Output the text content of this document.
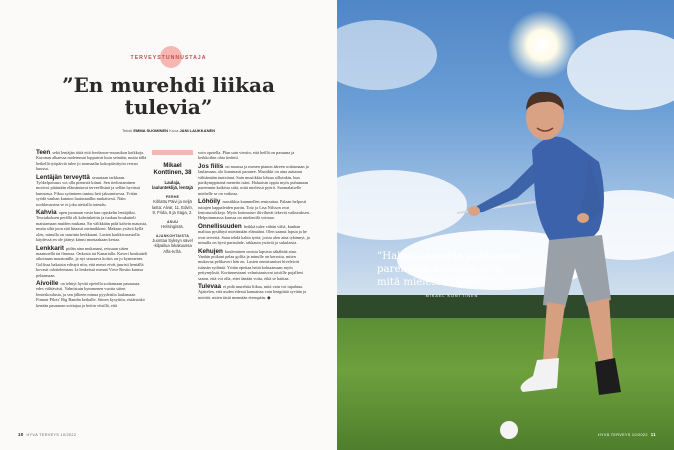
TERVEYSTUNNUSTAJA
”En murehdi liikaa tulevia”
Teksti EMMA SUOMINEN Kuva JANI LAUKKANEN

Teen sekä lentäjän töitä että freelancer-muusikon keikkoja. Koronan alkaessa molemmat loppuivat kuin seinään, mutta tällä hetkellä työpäiviä tulee jo normaalin kokopäivätyön verran kuussa.

Lentäjän terveyttä seurataan tarkkaan. Työkelpoisuus voi olla pienestä kiinni. Sen tiedostaminen motivoi pitämään elämäntavat terveellisinä ja sellän hyvässä kunnossa. Fiksu syöminen tuntuu heti jaksamisessa. Yritän syödä vanhan kunnon lautasmallin mukaisesti. Näin ruohlavarsina se ei joka aterialla toteudu.

Kahvia open juomaan vasta kun opiskelin lentäjäksi. Teoriakoksen perällä oli kahvinkeitin ja tuokuu houkutteli maistamaan muiden mukana. En välikkään pidä kahvin maussta, mutta siltä juon sitä hitaasti nieinaikkeni. Maksun ystävä kyllä olen, minulla on suurinta herkkuani. Lasten karkkivarastolla käydessä en ole jäänyt kiinni montaakaan kertaa.

Lenkkarit pidän aina mukanani, reissaan sitten maamoellä tai ilmassa. Onkosta tai Kanariallа. Kaveri houkutteli aikoinaan maratonille, ja nyt seuraava koitos on jo kymmenes. Golfissa hakaisin edistyä niin, että meuri eivät juuristi hentällä kovasti odottelemaan. Ja lenkeissä mennä Virve Rostin kanssa pelaamaan.

Aivoille on tehnyt hyvää opetella soittamaan pasuunaa edes välttävästi. Valmistuin kymmenen vuotta sitten Ienteskoulusta, ja sen jälkeen minua pyydettiin laulamaan Finnair Pilots' Big Bandin keikalle. Siinen kysyttiin, ristäisinkö kenään pasuunan soittajaa ja heitin vitsillä, että

Mikael Konttinen, 38
Laulaja, laulunteklijä, lentäjä
PERHE
Kihlattu Päivi ja neljä lasta: Alvar, 11, Edvin, 9, Frida, 6 ja Saga, 2.
ASUU
Helsingissä.
AJANKOHTAISTA
Juontaa Syksyn sävel -kilpailua lokakuussa Alfa-tv:llä.

voin opetella. Plan sain viestin, että heillä on pasuuna ja keikkoihin ohta tiedetti.

Jos fiilis on maassa ja menen pianon ääreen soittamaan ja laulamaan, olo kummasti paranee. Musiikki on aina auttanut välttämään tunteitani. Sain musiikkia lohtua silloinkin, kun parikymppisenä menetin isäni. Haluaisin oppia myös puhumaan paremmin kaikista siitä, mitä mielessä pyörii. Suomalaiselle miehelle se on vaikeaa.

Löhöily musiikkia kuunnellen rentouttaa. Palaan helposti tuttujen kappaleiden pariin, Toto ja Lisa Nilsson ovat lentosuosikkeja. Myös kotimaiset iltivihreät tekevät vaikutuksen. Helpoimmassa kuussa on mielentilä voimaa.

Onnellisuuden heikkä tulee vähän väliä, kunhan malttaa pysähtyä miettimään elämääni. Olen saanut lapsia ja he ovat terveitä. Saan tehdä kahta työtä, joista olen aina tykännyt, ja minulla on hyvä parisuhde, rakkauta ystäviä ja sukulaisia.

Kehujen kuuleminen omista lapsista säkähtää aina. Vanhin poikani pelaa golfia ja minulle on kerrottu, miten mukavaa pelikaveri hän on. Lasten onnistumiset hiveleivät isänsän sydäntä. Yritän opettaa heitä kohtaamaan myös pettymyksiä. Kortinnestaani valmistautuvat toisiille pojalleni sanon, että voi olla, ettei tänään voita, eikä se haittaa.

Tulevaa ei pidä murehtia liikaa, mitä vain voi tapahtua. Ajattelen, että uuden edessä kannattaa vain hengittää syvään ja miettiä, miten tästä mennään eteenpäin. ◆

10 HYVÄ TERVEYS 10/2022
”Haluaisin oppia puhumaan paremmin kaikesta siitä, mitä mielessä pyörii.”
MIKAEL KONTTINEN
HYVÄ TERVEYS 10/2022 11
